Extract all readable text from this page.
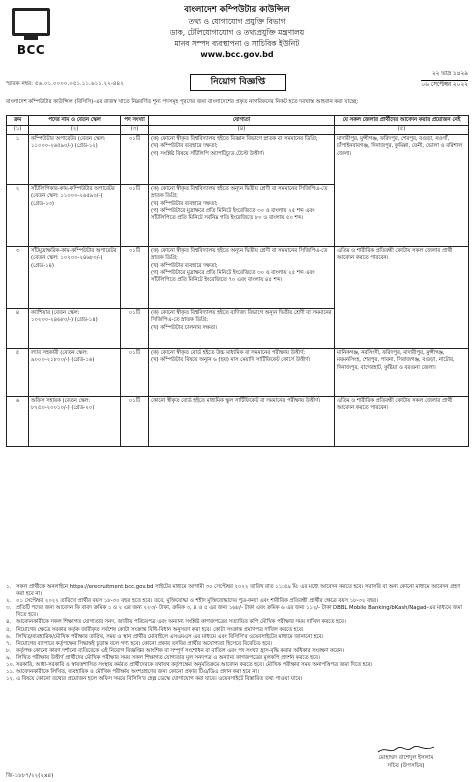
BCC
বাংলাদেশ কম্পিউটার কাউন্সিল
তথ্য ও যোগাযোগ প্রযুক্তি বিভাগ
ডাক, টেলিযোগাযোগ ও তথ্যপ্রযুক্তি মন্ত্রণালয়
মানব সম্পদ ব্যবস্থাপনা ও সাচিবিক ইউনিট
www.bcc.gov.bd
স্মারক নম্বর: ৫৬.০১.০০০০.০৫১.১১.৬১১.২২-৪৪২
২২ ভাদ্র ১৪২৯
০৬ সেপ্টেম্বর ২০২২
নিয়োগ বিজ্ঞপ্তি
বাংলাদেশ কম্পিউটার কাউন্সিল (বিসিসি)-এর রাজস্ব খাতে নিম্নবর্ণিত শূন্য পদসমূহ পূরণের জন্য বাংলাদেশের প্রকৃত নাগরিকদের নিকট হতে দরখাস্ত আহবান করা যাচ্ছে:
ক্রম	পদের নাম ও বেতন স্কেল	পদ সংখ্যা	যোগ্যতা	যে সকল জেলার প্রার্থীদের আবেদন করার প্রয়োজন নেই
(১)	(২)	(৩)	(৪)	(৫)
১	কম্পিউটার অপারেটর (বেতন স্কেল: ১১০০০-২৬৫৯০/-) (গ্রেড-১২)	০১টি	(ক) কোনো স্বীকৃত বিশ্ববিদ্যালয় হইতে বিজ্ঞান বিভাগে স্নাতক বা সমমানের ডিগ্রি;

(খ) কম্পিউটার ব্যবহারে দক্ষতা;

(গ) সংশ্লিষ্ট বিষয়ে সাঁটলিপি অ্যাপটিচ্যুড টেস্টে উত্তীর্ণ।	মাদারীপুর, মুন্সীগঞ্জ, ফরিদপুর, শেরপুর, বগুড়া, নওগাঁ, চাঁপাইনবাবগঞ্জ, দিনাজপুর, কুমিল্লা, ফেনী, ভোলা ও বরিশাল জেলা।
২	সাঁটলিপিকার-কাম-কম্পিউটার অপারেটর (বেতন স্কেল: ১১০০০-২৬৫৯০/-) (গ্রেড-১৩)	০১টি	(ক) কোনো স্বীকৃত বিশ্ববিদ্যালয় হইতে অন্যূন দ্বিতীয় শ্রেণী বা সমমানের সিজিপিএ-তে স্নাতক ডিগ্রি;

(খ) কম্পিউটার ব্যবহারে দক্ষতা;

(গ) কম্পিউটারে মুদ্রাক্ষরে প্রতি মিনিটে ইংরেজিতে ৩০ ও বাংলায় ২৫ শব্দ এবং সাঁটলিপিতে প্রতি মিনিটে সর্বনিম্ন গতি ইংরেজিতে ৮০ ও বাংলায় ৫০ শব্দ।	

৩	সাঁটমুদ্রাক্ষরিক-কাম-কম্পিউটার অপারেটর (বেতন স্কেল: ১০২০০-২৪৬৮০/-) (গ্রেড-১৪)	০১টি	(ক) কোনো স্বীকৃত বিশ্ববিদ্যালয় হইতে অন্যূন দ্বিতীয় শ্রেণী বা সমমানের সিজিপিএ-তে স্নাতক ডিগ্রি;

(খ) কম্পিউটার ব্যবহারে দক্ষতা;

(গ) কম্পিউটারে মুদ্রাক্ষরে প্রতি মিনিটে ইংরেজিতে ৩০ ও বাংলায় ২৫ শব্দ এবং সাঁটলিপিতে প্রতি মিনিটে ইংরেজিতে ৭০ এবং বাংলায় ৪৫ শব্দ।	এতিম ও শারীরিক প্রতিবন্ধী কোটায় সকল জেলার প্রার্থী আবেদন করতে পারবেন।
৪	ক্যাশিয়ার (বেতন স্কেল: ১০২০০-২৪৬৮০/-) (গ্রেড-১৪)	০১টি	(ক) কোনো স্বীকৃত বিশ্ববিদ্যালয় হইতে বাণিজ্য বিভাগে অন্যূন দ্বিতীয় শ্রেণী বা সমমানের সিজিপিএ-তে স্নাতক ডিগ্রি;

(খ) কম্পিউটার চালনায় দক্ষতা।	

৫	ল্যাব সহকারী (বেতন স্কেল: ৯০০০-২১৮০০/-) (গ্রেড-১৬)	০১টি	(ক) কোনো স্বীকৃত বোর্ড হইতে উচ্চ মাধ্যমিক বা সমমানের পরীক্ষায় উত্তীর্ণ;

(খ) কম্পিউটার বিষয়ে অন্যূন ৬ (ছয়) মাস মেয়াদি সার্টিফিকেট কোর্সে উত্তীর্ণ।	মানিকগঞ্জ, নরসিংদী, ফরিদপুর, মাদারীপুর, মুন্সীগঞ্জ, ময়মনসিংহ, শেরপুর, পাবনা, সিরাজগঞ্জ, বগুড়া, নাটোর, দিনাজপুর, বাগেরহাট, কুষ্টিয়া ও বরগুনা জেলা।
৬	অফিস সহায়ক (বেতন স্কেল: ৮২৫০-২০০১০/-) (গ্রেড-২০)	০১টি	কোনো স্বীকৃত বোর্ড হইতে মাধ্যমিক স্কুল সার্টিফিকেট বা সমমানের পরীক্ষায় উত্তীর্ণ।	এতিম ও শারীরিক প্রতিবন্ধী কোটায় সকল জেলার প্রার্থী আবেদন করতে পারবেন।
১. সকল প্রার্থীকে অনলাইনে https://erecruitment.bcc.gov.bd সাইটের মাধ্যমে আগামী ৩০ সেপ্টেম্বর ২০২২ তারিখ রাত ১১:৫৯ মি: এর মধ্যে আবেদন করতে হবে। সরাসরি বা অন্য কোনো মাধ্যমে আবেদন গ্রহণ করা হবে না।
২. ০১ সেপ্টেম্বর ২০২২ তারিখে প্রার্থীর বয়স ১৮-৩০ বছর হতে হবে। তবে, মুক্তিযোদ্ধা ও শহীদ মুক্তিযোদ্ধাদের পুত্র-কন্যা এবং শারীরিক প্রতিবন্ধী প্রার্থীর ক্ষেত্রে বয়স ১৮-৩২ বছর।
৩. প্রতিটি পদের জন্য আবেদন ফি বাবদ ক্রমিক ১ ও ২ এর জন্য ২২৩/- টাকা, ক্রমিক ৩, ৪ ও ৫ এর জন্য ১৬৮/- টাকা এবং ক্রমিক ৬ এর জন্য ১১২/- টাকা DBBL Mobile Banking/bKash/Nagad-এর মাধ্যমে জমা দিতে হবে।
৪. আবেদনকারীকে সকল শিক্ষাগত যোগ্যতার সনদ, জাতীয় পরিচয়পত্র এবং অন্যান্য সংশ্লিষ্ট কাগজপত্রের সত্যায়িত কপি মৌখিক পরীক্ষার সময় দাখিল করতে হবে।
৫. নিয়োগের ক্ষেত্রে সরকার কর্তৃক জারীকৃত সর্বশেষ কোটা সংক্রান্ত বিধি-বিধান অনুসরণ করা হবে। কোটা সংক্রান্ত প্রমাণপত্র দাখিল করতে হবে।
৬. লিখিত/ব্যবহারিক/মৌখিক পরীক্ষার তারিখ, সময় ও স্থান প্রার্থীর মোবাইলে এসএমএস এর মাধ্যমে এবং বিসিসি'র ওয়েবসাইটের মাধ্যমে জানানো হবে।
৭. নিয়োগের ব্যাপারে কর্তৃপক্ষের সিদ্ধান্তই চূড়ান্ত বলে গণ্য হবে। কোনো প্রকার তদবির প্রার্থীর অযোগ্যতা হিসেবে বিবেচিত হবে।
৮. কর্তৃপক্ষ কোনো কারণ দর্শানো ব্যতিরেকে এই নিয়োগ বিজ্ঞপ্তির আংশিক বা সম্পূর্ণ সংশোধন বা বাতিল এবং পদ সংখ্যা হ্রাস-বৃদ্ধি করার অধিকার সংরক্ষণ করেন।
৯. লিখিত পরীক্ষায় উত্তীর্ণ প্রার্থীদের মৌখিক পরীক্ষার সময় সকল শিক্ষাগত যোগ্যতার মূল সনদপত্র ও অন্যান্য কাগজপত্রের মূলকপি প্রদর্শন করতে হবে।
১০. সরকারি, আধা-সরকারি ও স্বায়ত্তশাসিত সংস্থায় কর্মরত প্রার্থীদেরকে যথাযথ কর্তৃপক্ষের অনুমতিক্রমে আবেদন করতে হবে। মৌখিক পরীক্ষার সময় অনাপত্তিপত্র জমা দিতে হবে।
১১. আবেদনকারীকে লিখিত, ব্যবহারিক ও মৌখিক পরীক্ষায় অংশগ্রহণের জন্য কোনো প্রকার টিএ/ডিএ প্রদান করা হবে না।
১২. এ বিষয়ে কোনো তথ্যের প্রয়োজন হলে অফিস সময়ে বিসিসি'র হেল্প ডেস্কে যোগাযোগ করা যাবে। ওয়েবসাইটে বিস্তারিত তথ্য পাওয়া যাবে।
মোহাম্মদ রাশেদুল ইসলাম
সচিব (উপসচিব)
জি-১৮৮৭/২২(২x৪)
